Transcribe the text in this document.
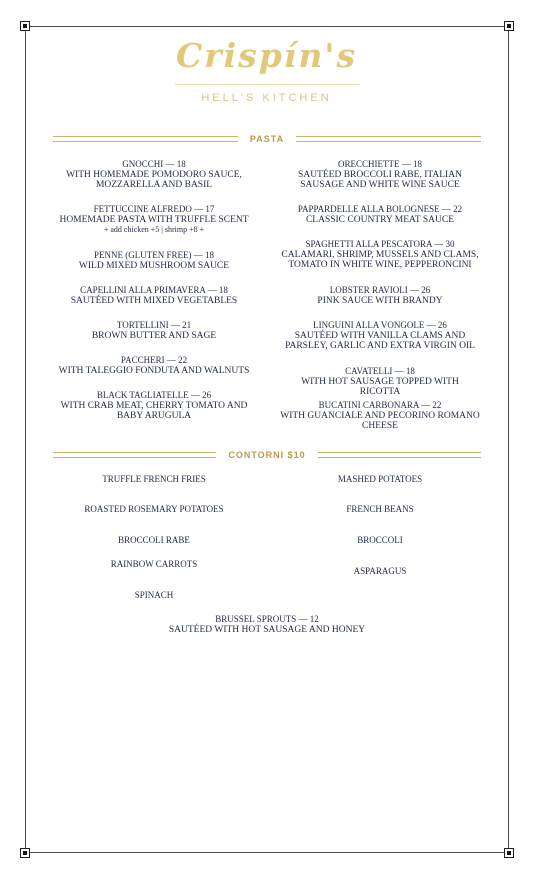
Crispín's
HELL'S KITCHEN
PASTA
GNOCCHI — 18
WITH HOMEMADE POMODORO SAUCE, MOZZARELLA AND BASIL
FETTUCCINE ALFREDO — 17
HOMEMADE PASTA WITH TRUFFLE SCENT
+ add chicken +5 | shrimp +8 +
PENNE (GLUTEN FREE) — 18
WILD MIXED MUSHROOM SAUCE
CAPELLINI ALLA PRIMAVERA — 18
SAUTÉED WITH MIXED VEGETABLES
TORTELLINI — 21
BROWN BUTTER AND SAGE
PACCHERI — 22
WITH TALEGGIO FONDUTA AND WALNUTS
BLACK TAGLIATELLE — 26
WITH CRAB MEAT, CHERRY TOMATO AND BABY ARUGULA
ORECCHIETTE — 18
SAUTÉED BROCCOLI RABE, ITALIAN SAUSAGE AND WHITE WINE SAUCE
PAPPARDELLE ALLA BOLOGNESE — 22
CLASSIC COUNTRY MEAT SAUCE
SPAGHETTI ALLA PESCATORA — 30
CALAMARI, SHRIMP, MUSSELS AND CLAMS, TOMATO IN WHITE WINE, PEPPERONCINI
LOBSTER RAVIOLI — 26
PINK SAUCE WITH BRANDY
LINGUINI ALLA VONGOLE — 26
SAUTÉED WITH VANILLA CLAMS AND PARSLEY, GARLIC AND EXTRA VIRGIN OIL
CAVATELLI — 18
WITH HOT SAUSAGE TOPPED WITH RICOTTA
BUCATINI CARBONARA — 22
WITH GUANCIALE AND PECORINO ROMANO CHEESE
CONTORNI $10
TRUFFLE FRENCH FRIES
ROASTED ROSEMARY POTATOES
BROCCOLI RABE
RAINBOW CARROTS
SPINACH
MASHED POTATOES
FRENCH BEANS
BROCCOLI
ASPARAGUS
BRUSSEL SPROUTS — 12
SAUTÉED WITH HOT SAUSAGE AND HONEY
